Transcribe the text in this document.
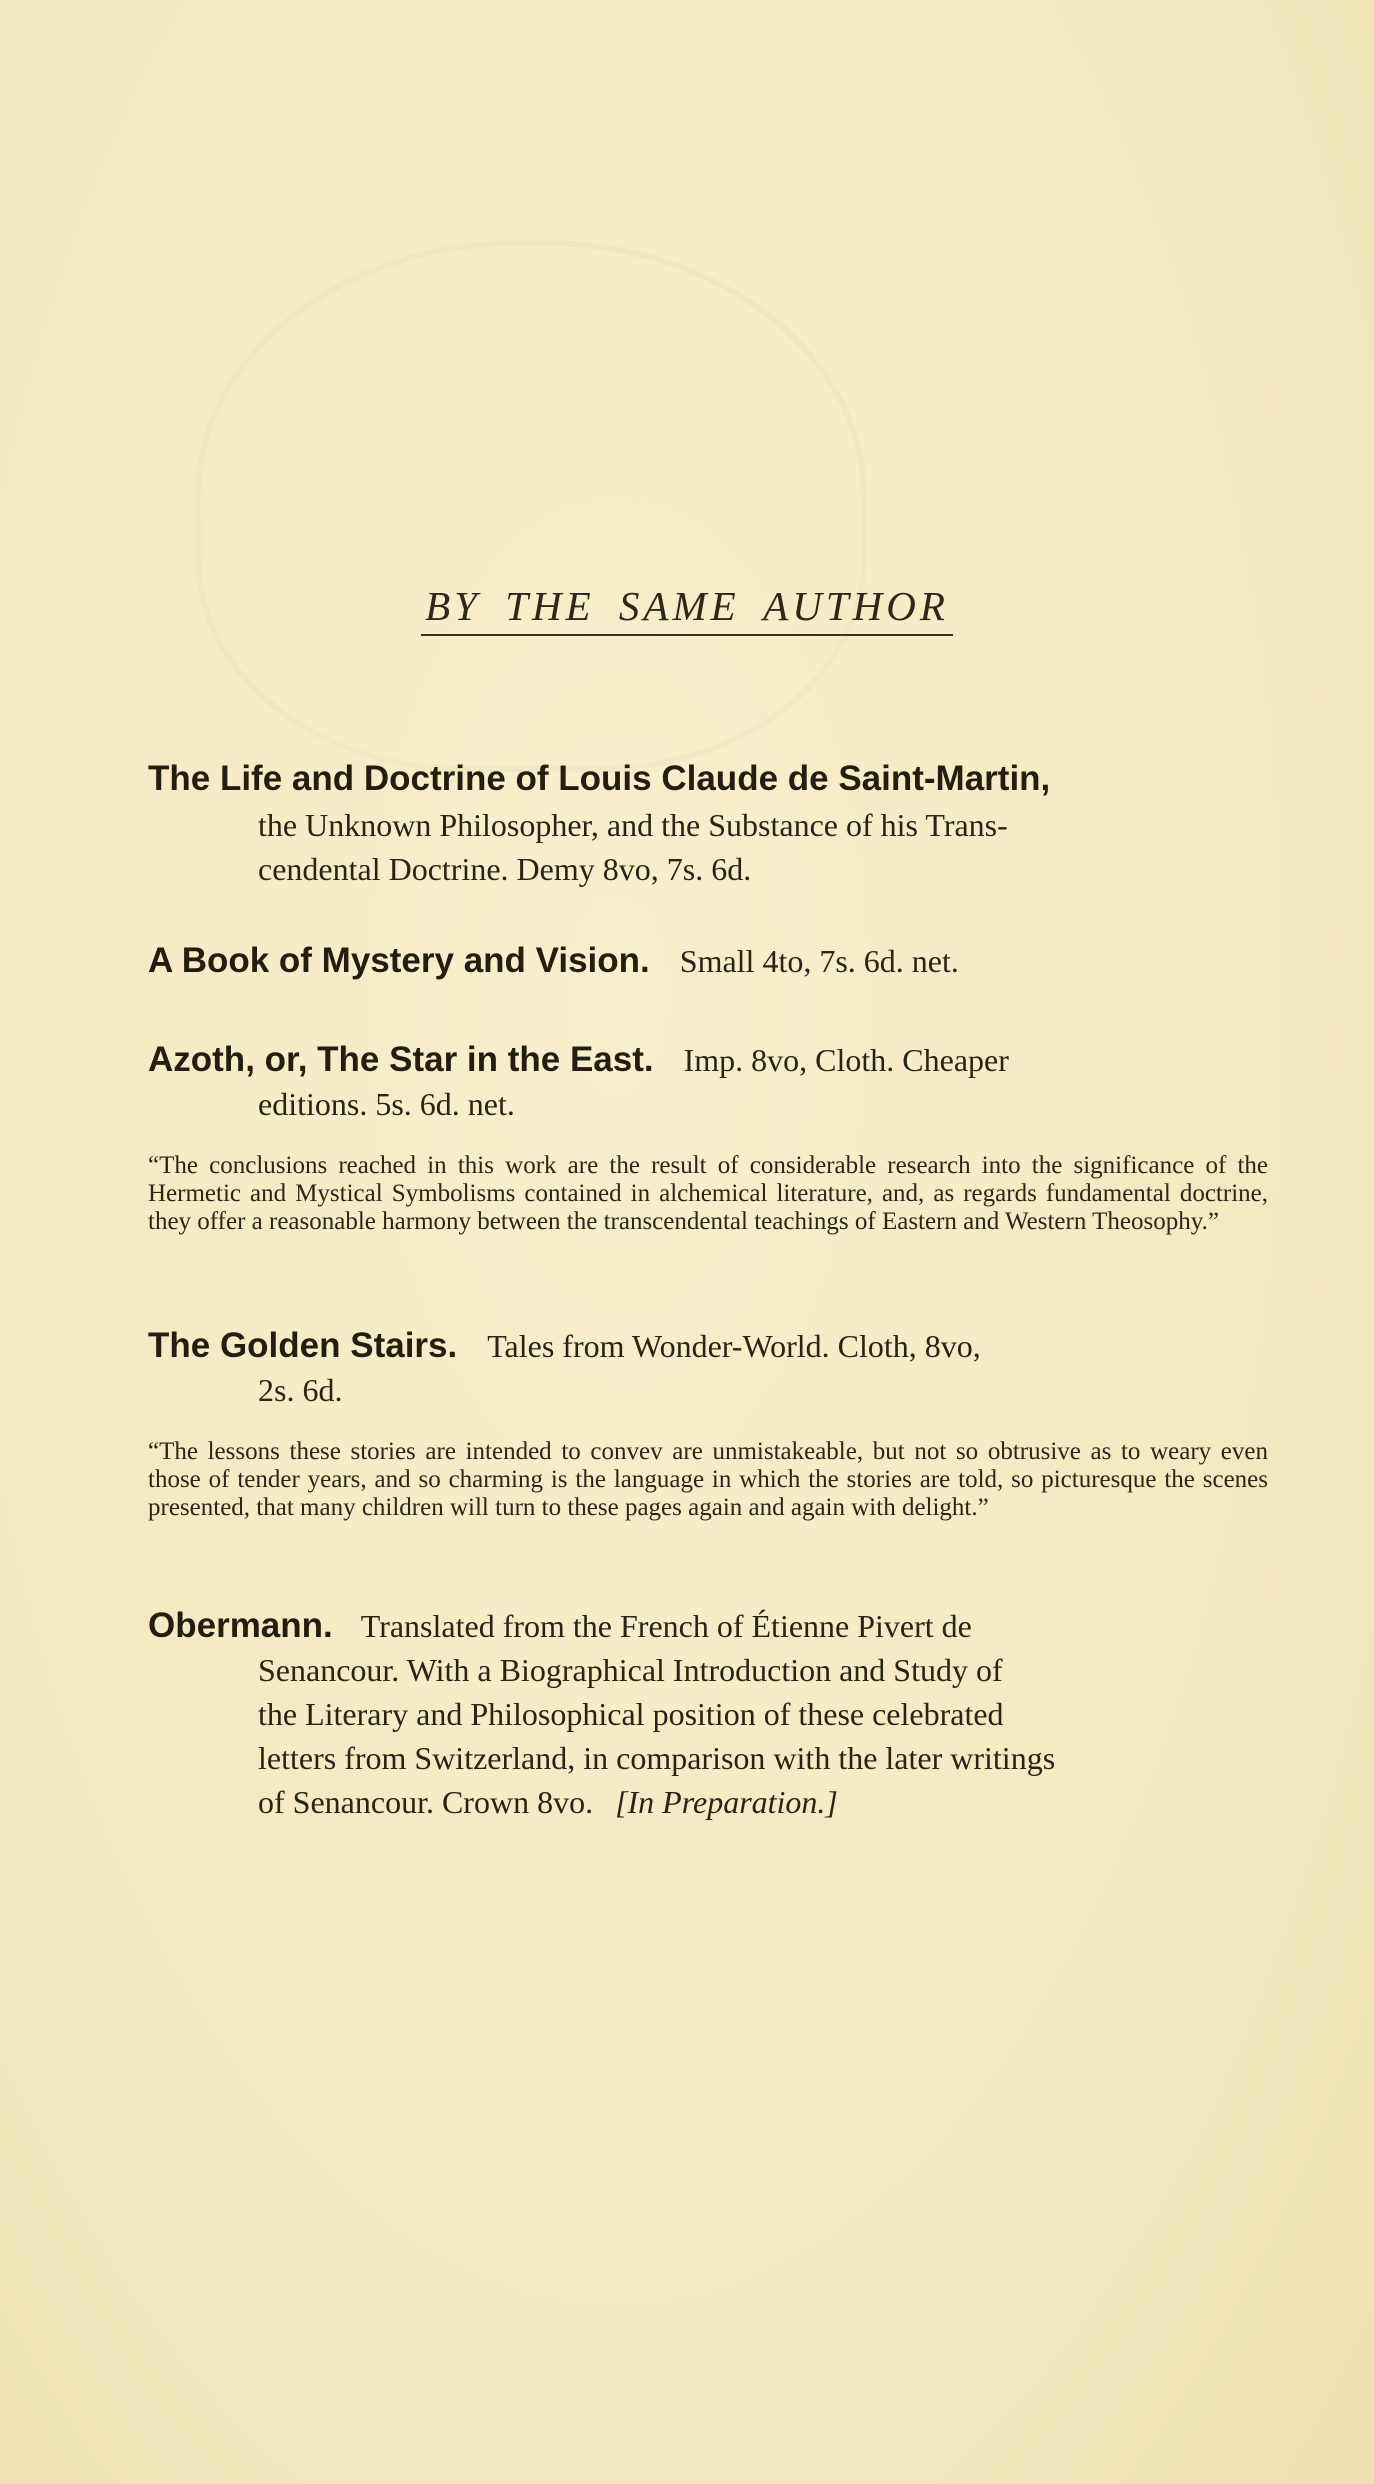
BY THE SAME AUTHOR
The Life and Doctrine of Louis Claude de Saint-Martin,
the Unknown Philosopher, and the Substance of his Trans-
cendental Doctrine. Demy 8vo, 7s. 6d.
A Book of Mystery and Vision. Small 4to, 7s. 6d. net.
Azoth, or, The Star in the East. Imp. 8vo, Cloth. Cheaper
editions. 5s. 6d. net.
“The conclusions reached in this work are the result of considerable research into the significance of the Hermetic and Mystical Symbolisms contained in alchemical literature, and, as regards fundamental doctrine, they offer a reasonable harmony between the transcendental teachings of Eastern and Western Theosophy.”
The Golden Stairs. Tales from Wonder-World. Cloth, 8vo,
2s. 6d.
“The lessons these stories are intended to convev are unmistakeable, but not so obtrusive as to weary even those of tender years, and so charming is the language in which the stories are told, so picturesque the scenes presented, that many children will turn to these pages again and again with delight.”
Obermann. Translated from the French of Étienne Pivert de
Senancour. With a Biographical Introduction and Study of
the Literary and Philosophical position of these celebrated
letters from Switzerland, in comparison with the later writings
of Senancour. Crown 8vo. [In Preparation.]
